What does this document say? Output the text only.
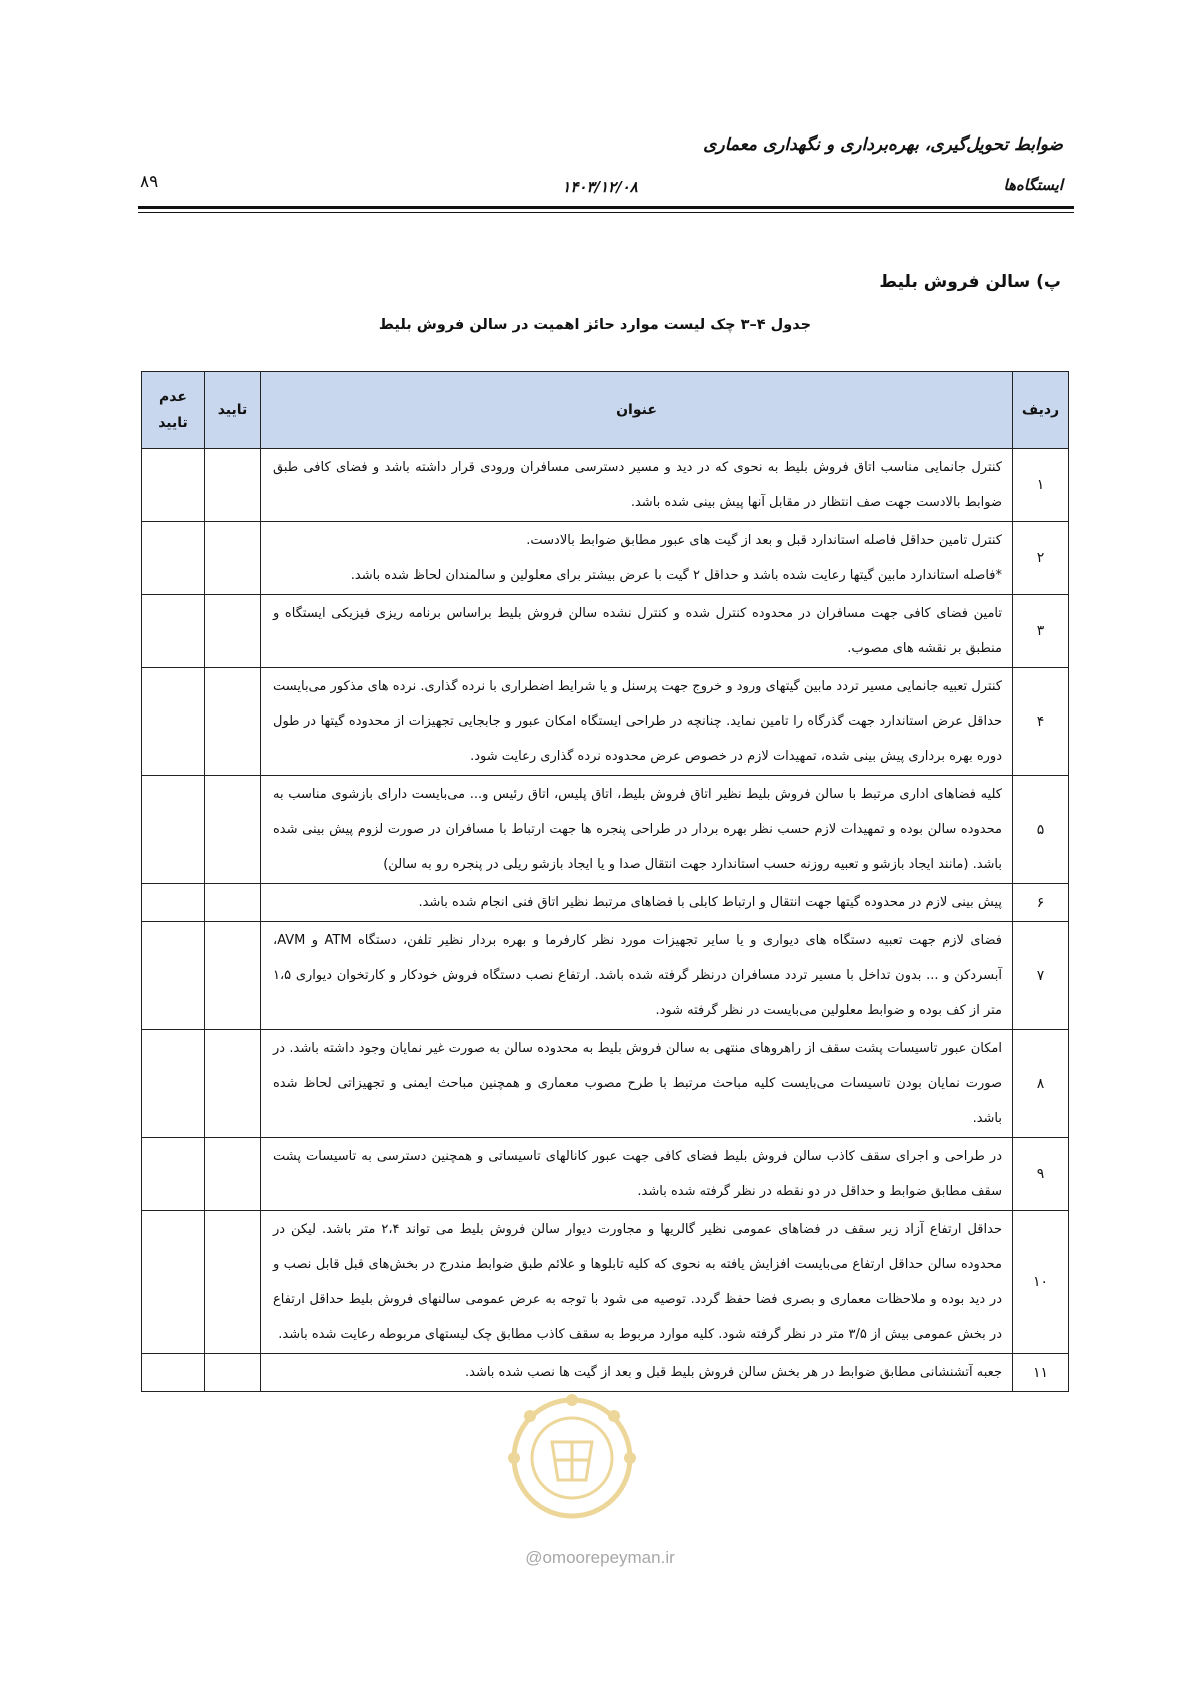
ضوابط تحویل‌گیری، بهره‌برداری و نگهداری معماری
۸۹	۱۴۰۳/۱۲/۰۸	ایستگاه‌ها
پ) سالن فروش بلیط
جدول ۴–۳ چک لیست موارد حائز اهمیت در سالن فروش بلیط
ردیف	عنوان	تایید	عدم
تایید

۱	کنترل جانمایی مناسب اتاق فروش بلیط به نحوی که در دید و مسیر دسترسی مسافران ورودی قرار داشته باشد و فضای کافی طبق ضوابط بالادست جهت صف انتظار در مقابل آنها پیش بینی شده باشد.		
۲	کنترل تامین حداقل فاصله استاندارد قبل و بعد از گیت های عبور مطابق ضوابط بالادست.
*فاصله استاندارد مابین گیتها رعایت شده باشد و حداقل ۲ گیت با عرض بیشتر برای معلولین و سالمندان لحاظ شده باشد.		

۳	تامین فضای کافی جهت مسافران در محدوده کنترل شده و کنترل نشده سالن فروش بلیط براساس برنامه ریزی فیزیکی ایستگاه و منطبق بر نقشه های مصوب.		
۴	کنترل تعبیه جانمایی مسیر تردد مابین گیتهای ورود و خروج جهت پرسنل و یا شرایط اضطراری با نرده گذاری. نرده های مذکور می‌بایست حداقل عرض استاندارد جهت گذرگاه را تامین نماید. چنانچه در طراحی ایستگاه امکان عبور و جابجایی تجهیزات از محدوده گیتها در طول دوره بهره برداری پیش بینی شده، تمهیدات لازم در خصوص عرض محدوده نرده گذاری رعایت شود.		
۵	کلیه فضاهای اداری مرتبط با سالن فروش بلیط نظیر اتاق فروش بلیط، اتاق پلیس، اتاق رئیس و... می‌بایست دارای بازشوی مناسب به محدوده سالن بوده و تمهیدات لازم حسب نظر بهره بردار در طراحی پنجره ها جهت ارتباط با مسافران در صورت لزوم پیش بینی شده باشد. (مانند ایجاد بازشو و تعبیه روزنه حسب استاندارد جهت انتقال صدا و یا ایجاد بازشو ریلی در پنجره رو به سالن)		
۶	پیش بینی لازم در محدوده گیتها جهت انتقال و ارتباط کابلی با فضاهای مرتبط نظیر اتاق فنی انجام شده باشد.		
۷	فضای لازم جهت تعبیه دستگاه های دیواری و یا سایر تجهیزات مورد نظر کارفرما و بهره بردار نظیر تلفن، دستگاه ATM و AVM، آبسردکن و ... بدون تداخل با مسیر تردد مسافران درنظر گرفته شده باشد. ارتفاع نصب دستگاه فروش خودکار و کارتخوان دیواری ۱،۵ متر از کف بوده و ضوابط معلولین می‌بایست در نظر گرفته شود.		
۸	امکان عبور تاسیسات پشت سقف از راهروهای منتهی به سالن فروش بلیط به محدوده سالن به صورت غیر نمایان وجود داشته باشد. در صورت نمایان بودن تاسیسات می‌بایست کلیه مباحث مرتبط با طرح مصوب معماری و همچنین مباحث ایمنی و تجهیزاتی لحاظ شده باشد.		
۹	در طراحی و اجرای سقف کاذب سالن فروش بلیط فضای کافی جهت عبور کانالهای تاسیساتی و همچنین دسترسی به تاسیسات پشت سقف مطابق ضوابط و حداقل در دو نقطه در نظر گرفته شده باشد.		
۱۰	حداقل ارتفاع آزاد زیر سقف در فضاهای عمومی نظیر گالریها و مجاورت دیوار سالن فروش بلیط می تواند ۲،۴ متر باشد. لیکن در محدوده سالن حداقل ارتفاع می‌بایست افزایش یافته به نحوی که کلیه تابلوها و علائم طبق ضوابط مندرج در بخش‌های قبل قابل نصب و در دید بوده و ملاحظات معماری و بصری فضا حفظ گردد. توصیه می شود با توجه به عرض عمومی سالنهای فروش بلیط حداقل ارتفاع در بخش عمومی بیش از ۳/۵ متر در نظر گرفته شود. کلیه موارد مربوط به سقف کاذب مطابق چک لیستهای مربوطه رعایت شده باشد.		
۱۱	جعبه آتشنشانی مطابق ضوابط در هر بخش سالن فروش بلیط قبل و بعد از گیت ها نصب شده باشد.		
@omoorepeyman.ir
